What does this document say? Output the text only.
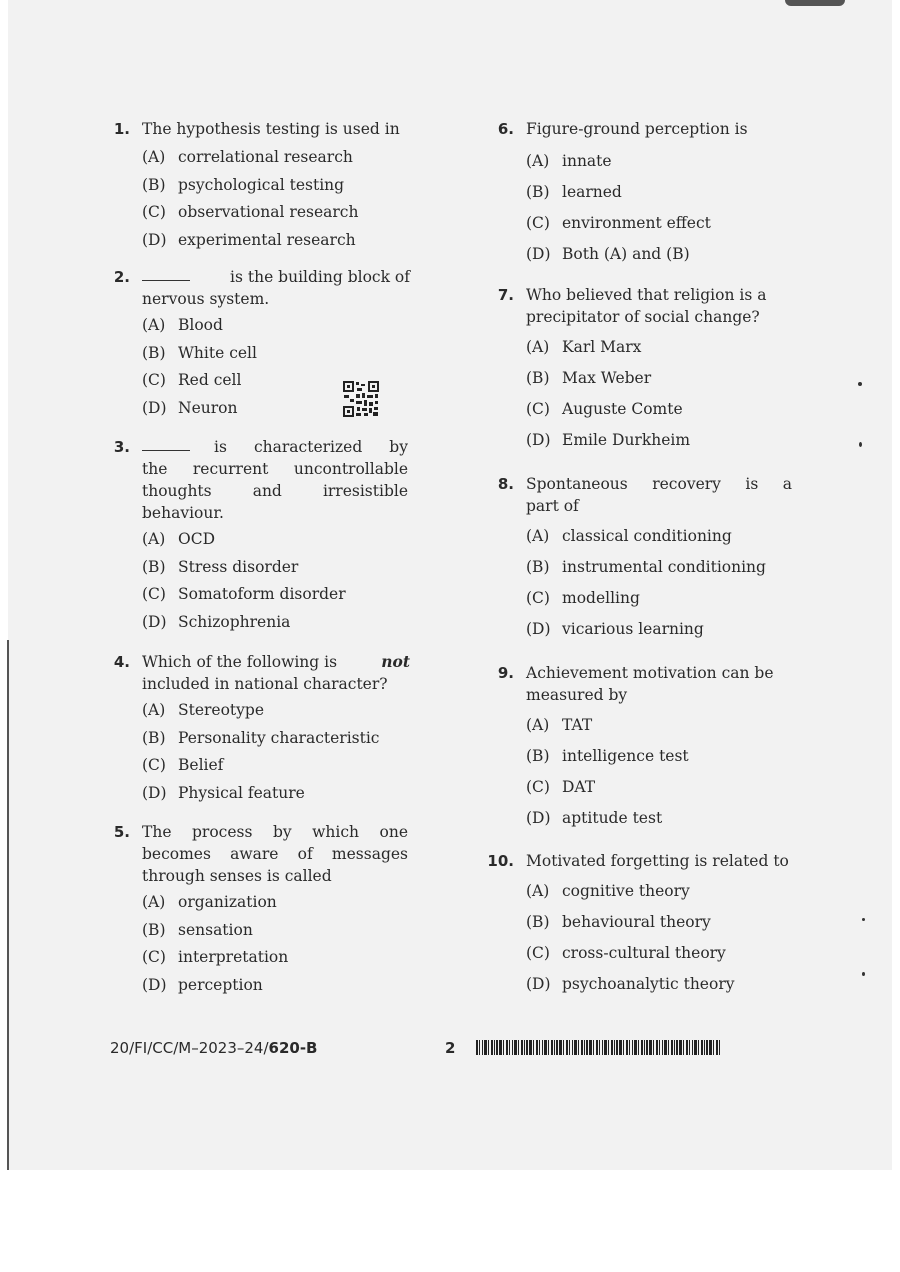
1. The hypothesis testing is used in
(A) correlational research
(B) psychological testing
(C) observational research
(D) experimental research
2.	is the building block of
nervous system.
(A) Blood
(B) White cell
(C) Red cell
(D) Neuron
3.	is characterized by
the recurrent uncontrollable
thoughts and irresistible
behaviour.
(A) OCD
(B) Stress disorder
(C) Somatoform disorder
(D) Schizophrenia
4. Which of the following is	not
included in national character?
(A) Stereotype
(B) Personality characteristic
(C) Belief
(D) Physical feature
5. The process by which one
becomes aware of messages
through senses is called
(A) organization
(B) sensation
(C) interpretation
(D) perception
6. Figure-ground perception is
(A) innate
(B) learned
(C) environment effect
(D) Both (A) and (B)
7. Who believed that religion is a
precipitator of social change?
(A) Karl Marx
(B) Max Weber
(C) Auguste Comte
(D) Emile Durkheim
8. Spontaneous recovery is a
part of
(A) classical conditioning
(B) instrumental conditioning
(C) modelling
(D) vicarious learning
9. Achievement motivation can be
measured by
(A) TAT
(B) intelligence test
(C) DAT
(D) aptitude test
10. Motivated forgetting is related to
(A) cognitive theory
(B) behavioural theory
(C) cross-cultural theory
(D) psychoanalytic theory
20/FI/CC/M–2023–24/620-B	2
